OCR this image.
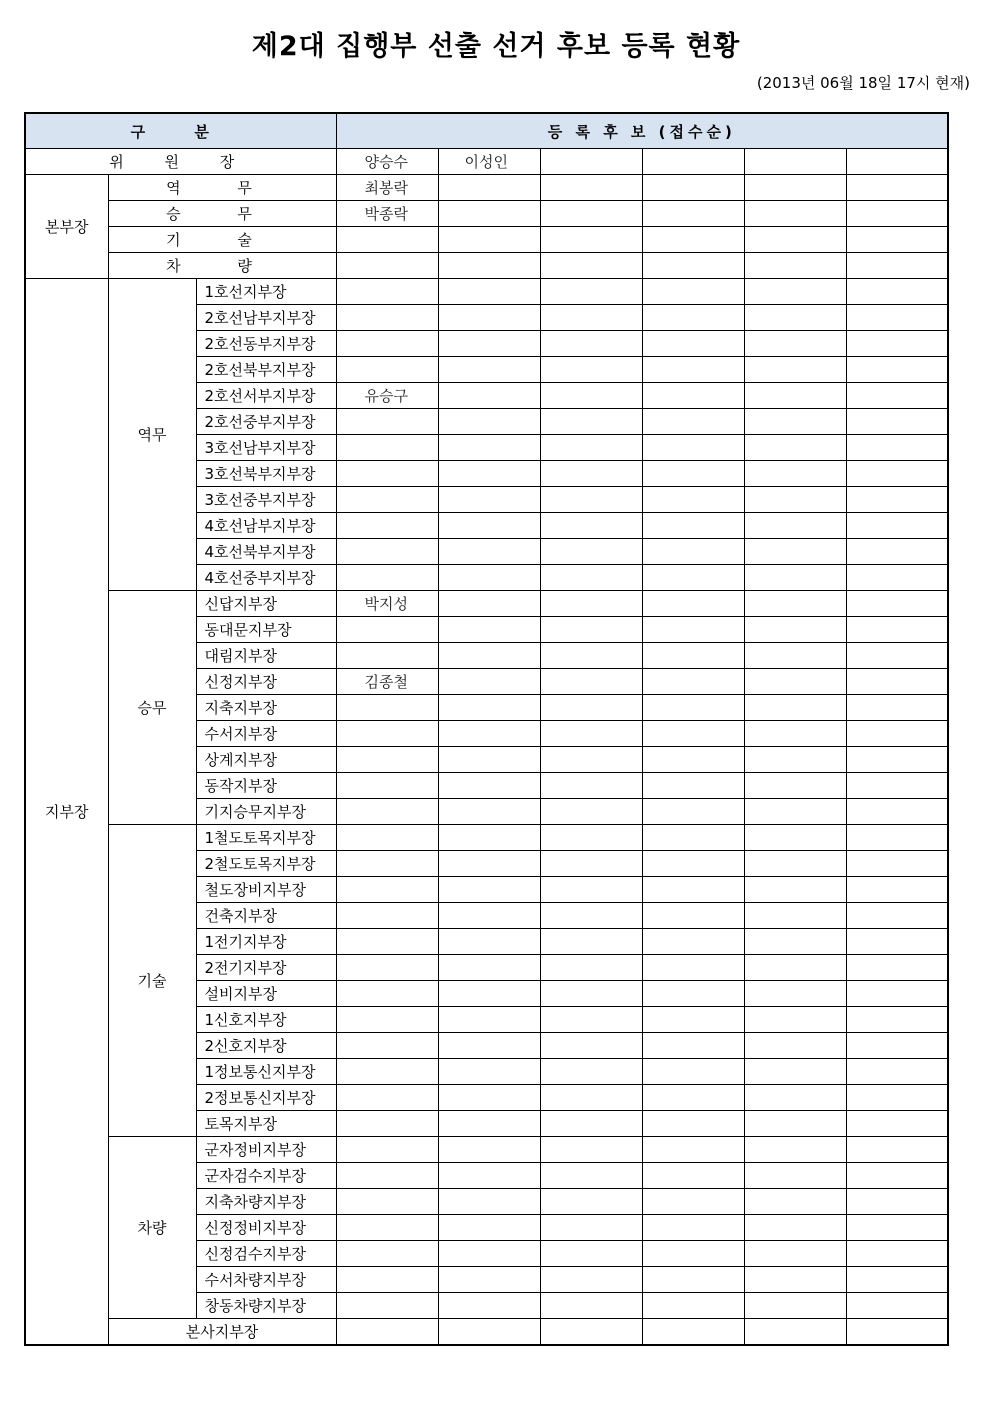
제2대 집행부 선출 선거 후보 등록 현황
(2013년 06월 18일 17시 현재)
구 분			등 록 후 보 (접수순)					
위 원 장			양승수	이성인				
본부장	역 무		최봉락					
	승 무		박종락					
	기 술							
	차 량							
지부장	역무	1호선지부장						
		2호선남부지부장						
		2호선동부지부장						
		2호선북부지부장						
		2호선서부지부장	유승구					
		2호선중부지부장						
		3호선남부지부장						
		3호선북부지부장						
		3호선중부지부장						
		4호선남부지부장						
		4호선북부지부장						
		4호선중부지부장						
	승무	신답지부장	박지성					
		동대문지부장						
		대림지부장						
		신정지부장	김종철					
		지축지부장						
		수서지부장						
		상계지부장						
		동작지부장						
		기지승무지부장						
	기술	1철도토목지부장						
		2철도토목지부장						
		철도장비지부장						
		건축지부장						
		1전기지부장						
		2전기지부장						
		설비지부장						
		1신호지부장						
		2신호지부장						
		1정보통신지부장						
		2정보통신지부장						
		토목지부장						
	차량	군자정비지부장						
		군자검수지부장						
		지축차량지부장						
		신정정비지부장						
		신정검수지부장						
		수서차량지부장						
		창동차량지부장						
	본사지부장							
